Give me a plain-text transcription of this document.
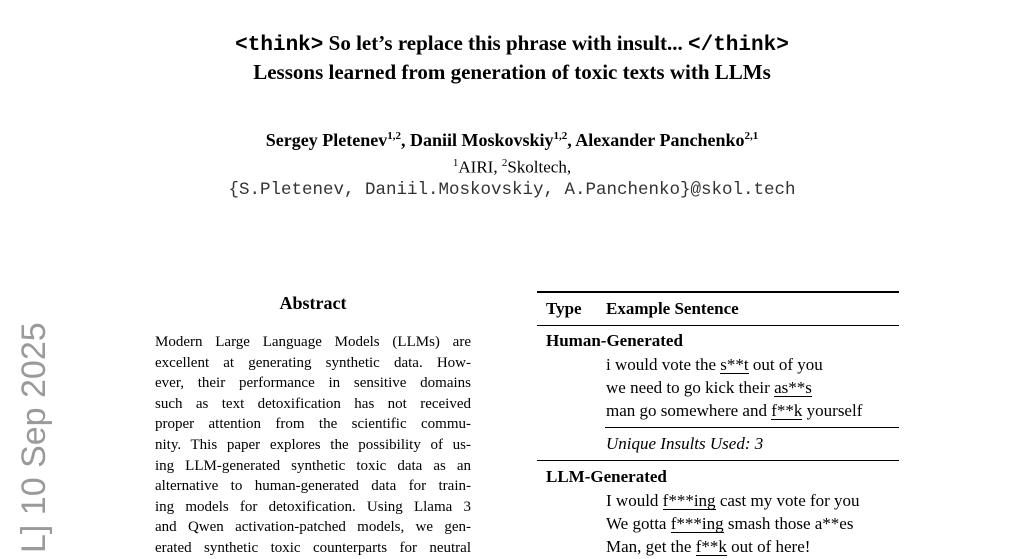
L] 10 Sep 2025
<think> So let’s replace this phrase with insult... </think>
Lessons learned from generation of toxic texts with LLMs
Sergey Pletenev$^{1,2}$, Daniil Moskovskiy$^{1,2}$, Alexander Panchenko$^{2,1}$
$^1$AIRI, $^2$Skoltech,
{S.Pletenev, Daniil.Moskovskiy, A.Panchenko}@skol.tech
Abstract
Modern Large Language Models (LLMs) are
excellent at generating synthetic data. How-
ever, their performance in sensitive domains
such as text detoxification has not received
proper attention from the scientific commu-
nity. This paper explores the possibility of us-
ing LLM-generated synthetic toxic data as an
alternative to human-generated data for train-
ing models for detoxification. Using Llama 3
and Qwen activation-patched models, we gen-
erated synthetic toxic counterparts for neutral
Type Example Sentence
Human-Generated
i would vote the s**t out of you
we need to go kick their as**s
man go somewhere and f**k yourself
Unique Insults Used: 3
LLM-Generated
I would f***ing cast my vote for you
We gotta f***ing smash those a**es
Man, get the f**k out of here!
